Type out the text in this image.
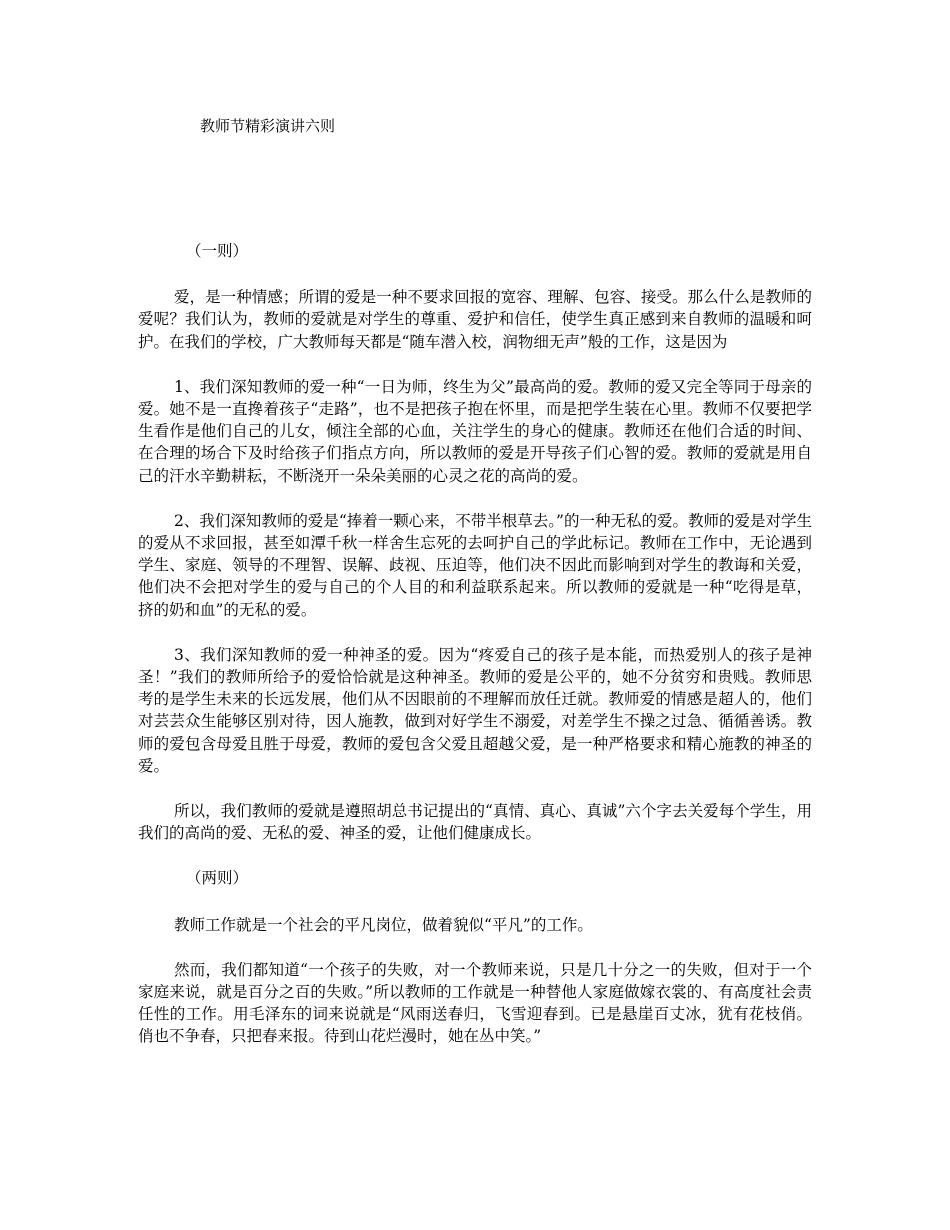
教师节精彩演讲六则

（一则）

爱，是一种情感；所谓的爱是一种不要求回报的宽容、理解、包容、接受。那么什么是教师的爱呢？我们认为，教师的爱就是对学生的尊重、爱护和信任，使学生真正感到来自教师的温暖和呵护。在我们的学校，广大教师每天都是“随车潜入校，润物细无声”般的工作，这是因为

1、我们深知教师的爱一种“一日为师，终生为父”最高尚的爱。教师的爱又完全等同于母亲的爱。她不是一直搀着孩子“走路”，也不是把孩子抱在怀里，而是把学生装在心里。教师不仅要把学生看作是他们自己的儿女，倾注全部的心血，关注学生的身心的健康。教师还在他们合适的时间、在合理的场合下及时给孩子们指点方向，所以教师的爱是开导孩子们心智的爱。教师的爱就是用自己的汗水辛勤耕耘，不断浇开一朵朵美丽的心灵之花的高尚的爱。

2、我们深知教师的爱是“捧着一颗心来，不带半根草去。”的一种无私的爱。教师的爱是对学生的爱从不求回报，甚至如潭千秋一样舍生忘死的去呵护自己的学此标记。教师在工作中，无论遇到学生、家庭、领导的不理智、误解、歧视、压迫等，他们决不因此而影响到对学生的教诲和关爱，他们决不会把对学生的爱与自己的个人目的和利益联系起来。所以教师的爱就是一种“吃得是草，挤的奶和血”的无私的爱。

3、我们深知教师的爱一种神圣的爱。因为“疼爱自己的孩子是本能，而热爱别人的孩子是神圣！”我们的教师所给予的爱恰恰就是这种神圣。教师的爱是公平的，她不分贫穷和贵贱。教师思考的是学生未来的长远发展，他们从不因眼前的不理解而放任迁就。教师爱的情感是超人的，他们对芸芸众生能够区别对待，因人施教，做到对好学生不溺爱，对差学生不操之过急、循循善诱。教师的爱包含母爱且胜于母爱，教师的爱包含父爱且超越父爱，是一种严格要求和精心施教的神圣的爱。

所以，我们教师的爱就是遵照胡总书记提出的“真情、真心、真诚”六个字去关爱每个学生，用我们的高尚的爱、无私的爱、神圣的爱，让他们健康成长。

（两则）

教师工作就是一个社会的平凡岗位，做着貌似“平凡”的工作。

然而，我们都知道“一个孩子的失败，对一个教师来说，只是几十分之一的失败，但对于一个家庭来说，就是百分之百的失败。”所以教师的工作就是一种替他人家庭做嫁衣裳的、有高度社会责任性的工作。用毛泽东的词来说就是“风雨送春归，飞雪迎春到。已是悬崖百丈冰，犹有花枝俏。俏也不争春，只把春来报。待到山花烂漫时，她在丛中笑。”
